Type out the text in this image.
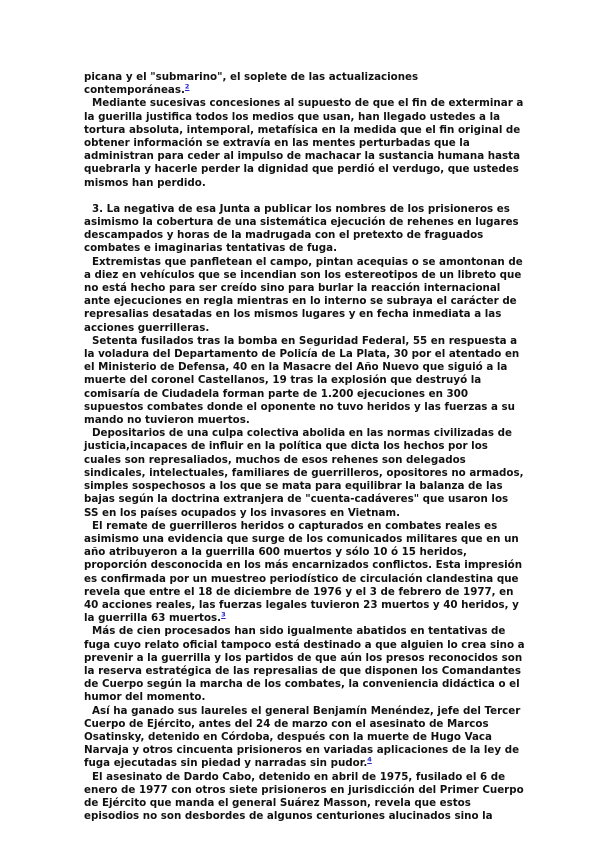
picana y el "submarino", el soplete de las actualizaciones
contemporáneas.$^2$
Mediante sucesivas concesiones al supuesto de que el fin de exterminar a
la guerilla justifica todos los medios que usan, han llegado ustedes a la
tortura absoluta, intemporal, metafísica en la medida que el fin original de
obtener información se extravía en las mentes perturbadas que la
administran para ceder al impulso de machacar la sustancia humana hasta
quebrarla y hacerle perder la dignidad que perdió el verdugo, que ustedes
mismos han perdido.
3. La negativa de esa Junta a publicar los nombres de los prisioneros es
asimismo la cobertura de una sistemática ejecución de rehenes en lugares
descampados y horas de la madrugada con el pretexto de fraguados
combates e imaginarias tentativas de fuga.
Extremistas que panfletean el campo, pintan acequias o se amontonan de
a diez en vehículos que se incendian son los estereotipos de un libreto que
no está hecho para ser creído sino para burlar la reacción internacional
ante ejecuciones en regla mientras en lo interno se subraya el carácter de
represalias desatadas en los mismos lugares y en fecha inmediata a las
acciones guerrilleras.
Setenta fusilados tras la bomba en Seguridad Federal, 55 en respuesta a
la voladura del Departamento de Policía de La Plata, 30 por el atentado en
el Ministerio de Defensa, 40 en la Masacre del Año Nuevo que siguió a la
muerte del coronel Castellanos, 19 tras la explosión que destruyó la
comisaría de Ciudadela forman parte de 1.200 ejecuciones en 300
supuestos combates donde el oponente no tuvo heridos y las fuerzas a su
mando no tuvieron muertos.
Depositarios de una culpa colectiva abolida en las normas civilizadas de
justicia,incapaces de influir en la política que dicta los hechos por los
cuales son represaliados, muchos de esos rehenes son delegados
sindicales, intelectuales, familiares de guerrilleros, opositores no armados,
simples sospechosos a los que se mata para equilibrar la balanza de las
bajas según la doctrina extranjera de "cuenta-cadáveres" que usaron los
SS en los países ocupados y los invasores en Vietnam.
El remate de guerrilleros heridos o capturados en combates reales es
asimismo una evidencia que surge de los comunicados militares que en un
año atribuyeron a la guerrilla 600 muertos y sólo 10 ó 15 heridos,
proporción desconocida en los más encarnizados conflictos. Esta impresión
es confirmada por un muestreo periodístico de circulación clandestina que
revela que entre el 18 de diciembre de 1976 y el 3 de febrero de 1977, en
40 acciones reales, las fuerzas legales tuvieron 23 muertos y 40 heridos, y
la guerrilla 63 muertos.$^3$
Más de cien procesados han sido igualmente abatidos en tentativas de
fuga cuyo relato oficial tampoco está destinado a que alguien lo crea sino a
prevenir a la guerrilla y Ios partidos de que aún los presos reconocidos son
la reserva estratégica de las represalias de que disponen los Comandantes
de Cuerpo según la marcha de los combates, la conveniencia didáctica o el
humor del momento.
Así ha ganado sus laureles el general Benjamín Menéndez, jefe del Tercer
Cuerpo de Ejército, antes del 24 de marzo con el asesinato de Marcos
Osatinsky, detenido en Córdoba, después con la muerte de Hugo Vaca
Narvaja y otros cincuenta prisioneros en variadas aplicaciones de la ley de
fuga ejecutadas sin piedad y narradas sin pudor.$^4$
El asesinato de Dardo Cabo, detenido en abril de 1975, fusilado el 6 de
enero de 1977 con otros siete prisioneros en jurisdicción del Primer Cuerpo
de Ejército que manda el general Suárez Masson, revela que estos
episodios no son desbordes de algunos centuriones alucinados sino la
